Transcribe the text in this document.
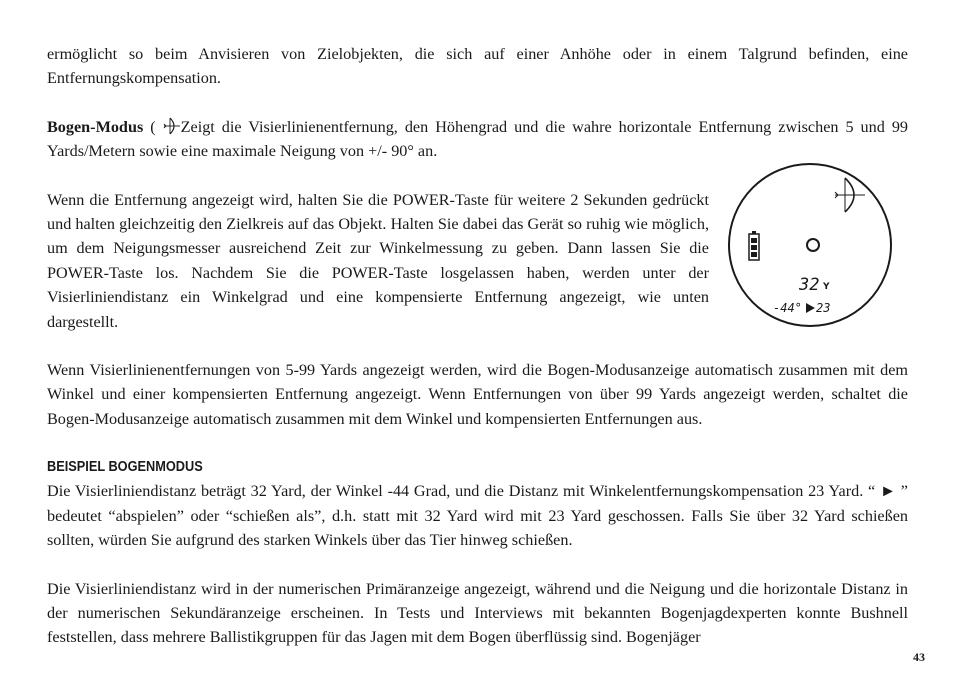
ermöglicht so beim Anvisieren von Zielobjekten, die sich auf einer Anhöhe oder in einem Talgrund befinden, eine Entfernungskompensation.

Bogen-Modus ( Zeigt die Visierlinienentfernung, den Höhengrad und die wahre horizontale Entfernung zwischen 5 und 99 Yards/Metern sowie eine maximale Neigung von +/- 90° an.

Wenn die Entfernung angezeigt wird, halten Sie die POWER-Taste für weitere 2 Sekunden gedrückt und halten gleichzeitig den Zielkreis auf das Objekt. Halten Sie dabei das Gerät so ruhig wie möglich, um dem Neigungsmesser ausreichend Zeit zur Winkelmessung zu geben. Dann lassen Sie die POWER-Taste los. Nachdem Sie die POWER-Taste losgelassen haben, werden unter der Visierliniendistanz ein Winkelgrad und eine kompensierte Entfernung angezeigt, wie unten dargestellt.

Wenn Visierlinienentfernungen von 5-99 Yards angezeigt werden, wird die Bogen-Modusanzeige automatisch zusammen mit dem Winkel und einer kompensierten Entfernung angezeigt. Wenn Entfernungen von über 99 Yards angezeigt werden, schaltet die Bogen-Modusanzeige automatisch zusammen mit dem Winkel und kompensierten Entfernungen aus.

BEISPIEL BOGENMODUS

Die Visierliniendistanz beträgt 32 Yard, der Winkel -44 Grad, und die Distanz mit Winkelentfernungskompensation 23 Yard. “ ► ” bedeutet “abspielen” oder “schießen als”, d.h. statt mit 32 Yard wird mit 23 Yard geschossen. Falls Sie über 32 Yard schießen sollten, würden Sie aufgrund des starken Winkels über das Tier hinweg schießen.

Die Visierliniendistanz wird in der numerischen Primäranzeige angezeigt, während und die Neigung und die horizontale Distanz in der numerischen Sekundäranzeige erscheinen. In Tests und Interviews mit bekannten Bogenjagdexperten konnte Bushnell feststellen, dass mehrere Ballistikgruppen für das Jagen mit dem Bogen überflüssig sind. Bogenjäger

32 Y
-44° 23
43
